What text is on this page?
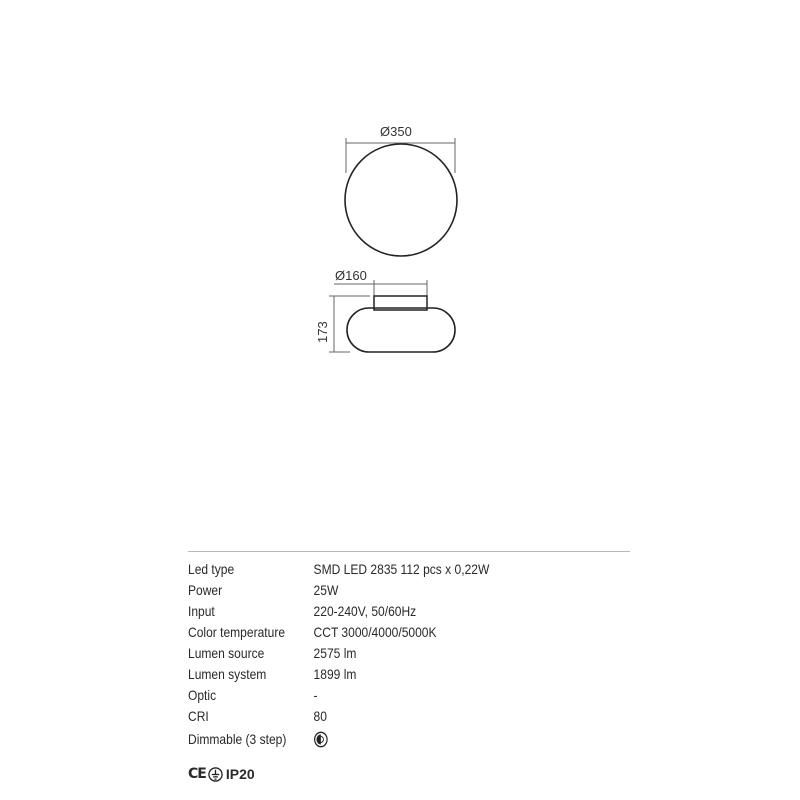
Ø350
Ø160
173
Led type	SMD LED 2835 112 pcs x 0,22W
Power	25W
Input	220-240V, 50/60Hz
Color temperature	CCT 3000/4000/5000K
Lumen source	2575 lm
Lumen system	1899 lm
Optic	-
CRI	80
Dimmable (3 step)
CE IP20
